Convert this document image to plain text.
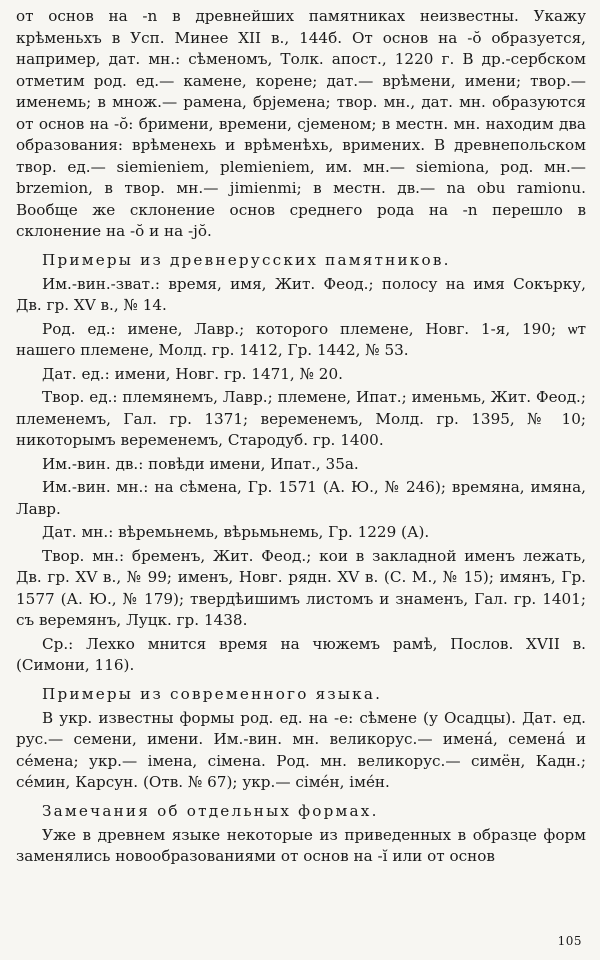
от основ на -n в древнейших памятниках неизвестны. Укажу крѣменьхъ в Усп. Минее XII в., 144б. От основ на -ŏ образуется, например, дат. мн.: сѣменомъ, Толк. апост., 1220 г. В др.-сербском отметим род. ед.— камене, корене; дат.— врѣмени, имени; твор.— именемь; в множ.— рамена, брјемена; твор. мн., дат. мн. образуются от основ на -ŏ: бримени, времени, сјеменом; в местн. мн. находим два образования: врѣменехь и врѣменѣхь, вримених. В древнепольском твор. ед.— siemieniem, plemieniem, им. мн.— siemiona, род. мн.— brzemion, в твор. мн.— jimienmi; в местн. дв.— na obu ramionu. Вообще же склонение основ среднего рода на -n перешло в склонение на -ŏ и на -jŏ.

Примеры из древнерусских памятников.

Им.-вин.-зват.: время, имя, Жит. Феод.; полосу на имя Сокърку, Дв. гр. XV в., № 14.

Род. ед.: имене, Лавр.; которого племене, Новг. 1-я, 190; ѡт нашего племене, Молд. гр. 1412, Гр. 1442, № 53.

Дат. ед.: имени, Новг. гр. 1471, № 20.

Твор. ед.: племянемъ, Лавр.; племене, Ипат.; именьмь, Жит. Феод.; племенемъ, Гал. гр. 1371; веременемъ, Молд. гр. 1395, № 10; никоторымъ веременемъ, Стародуб. гр. 1400.

Им.-вин. дв.: повѣди имени, Ипат., 35а.

Им.-вин. мн.: на сѣмена, Гр. 1571 (А. Ю., № 246); времяна, имяна, Лавр.

Дат. мн.: вѣремьнемь, вѣрьмьнемь, Гр. 1229 (А).

Твор. мн.: бременъ, Жит. Феод.; кои в закладной именъ лежать, Дв. гр. XV в., № 99; именъ, Новг. рядн. XV в. (С. М., № 15); имянъ, Гр. 1577 (А. Ю., № 179); твердѣишимъ листомъ и знаменъ, Гал. гр. 1401; съ веремянъ, Луцк. гр. 1438.

Ср.: Лехко мнится время на чюжемъ рамѣ, Послов. XVII в. (Симони, 116).

Примеры из современного языка.

В укр. известны формы род. ед. на -е: сѣмене (у Осадцы). Дат. ед. рус.— семени, имени. Им.-вин. мн. великорус.— имена́, семена́ и се́мена; укр.— імена, сімена. Род. мн. великорус.— симён, Кадн.; се́мин, Карсун. (Отв. № 67); укр.— сімéн, імéн.

Замечания об отдельных формах.

Уже в древнем языке некоторые из приведенных в образце форм заменялись новообразованиями от основ на -ĭ или от основ

105
